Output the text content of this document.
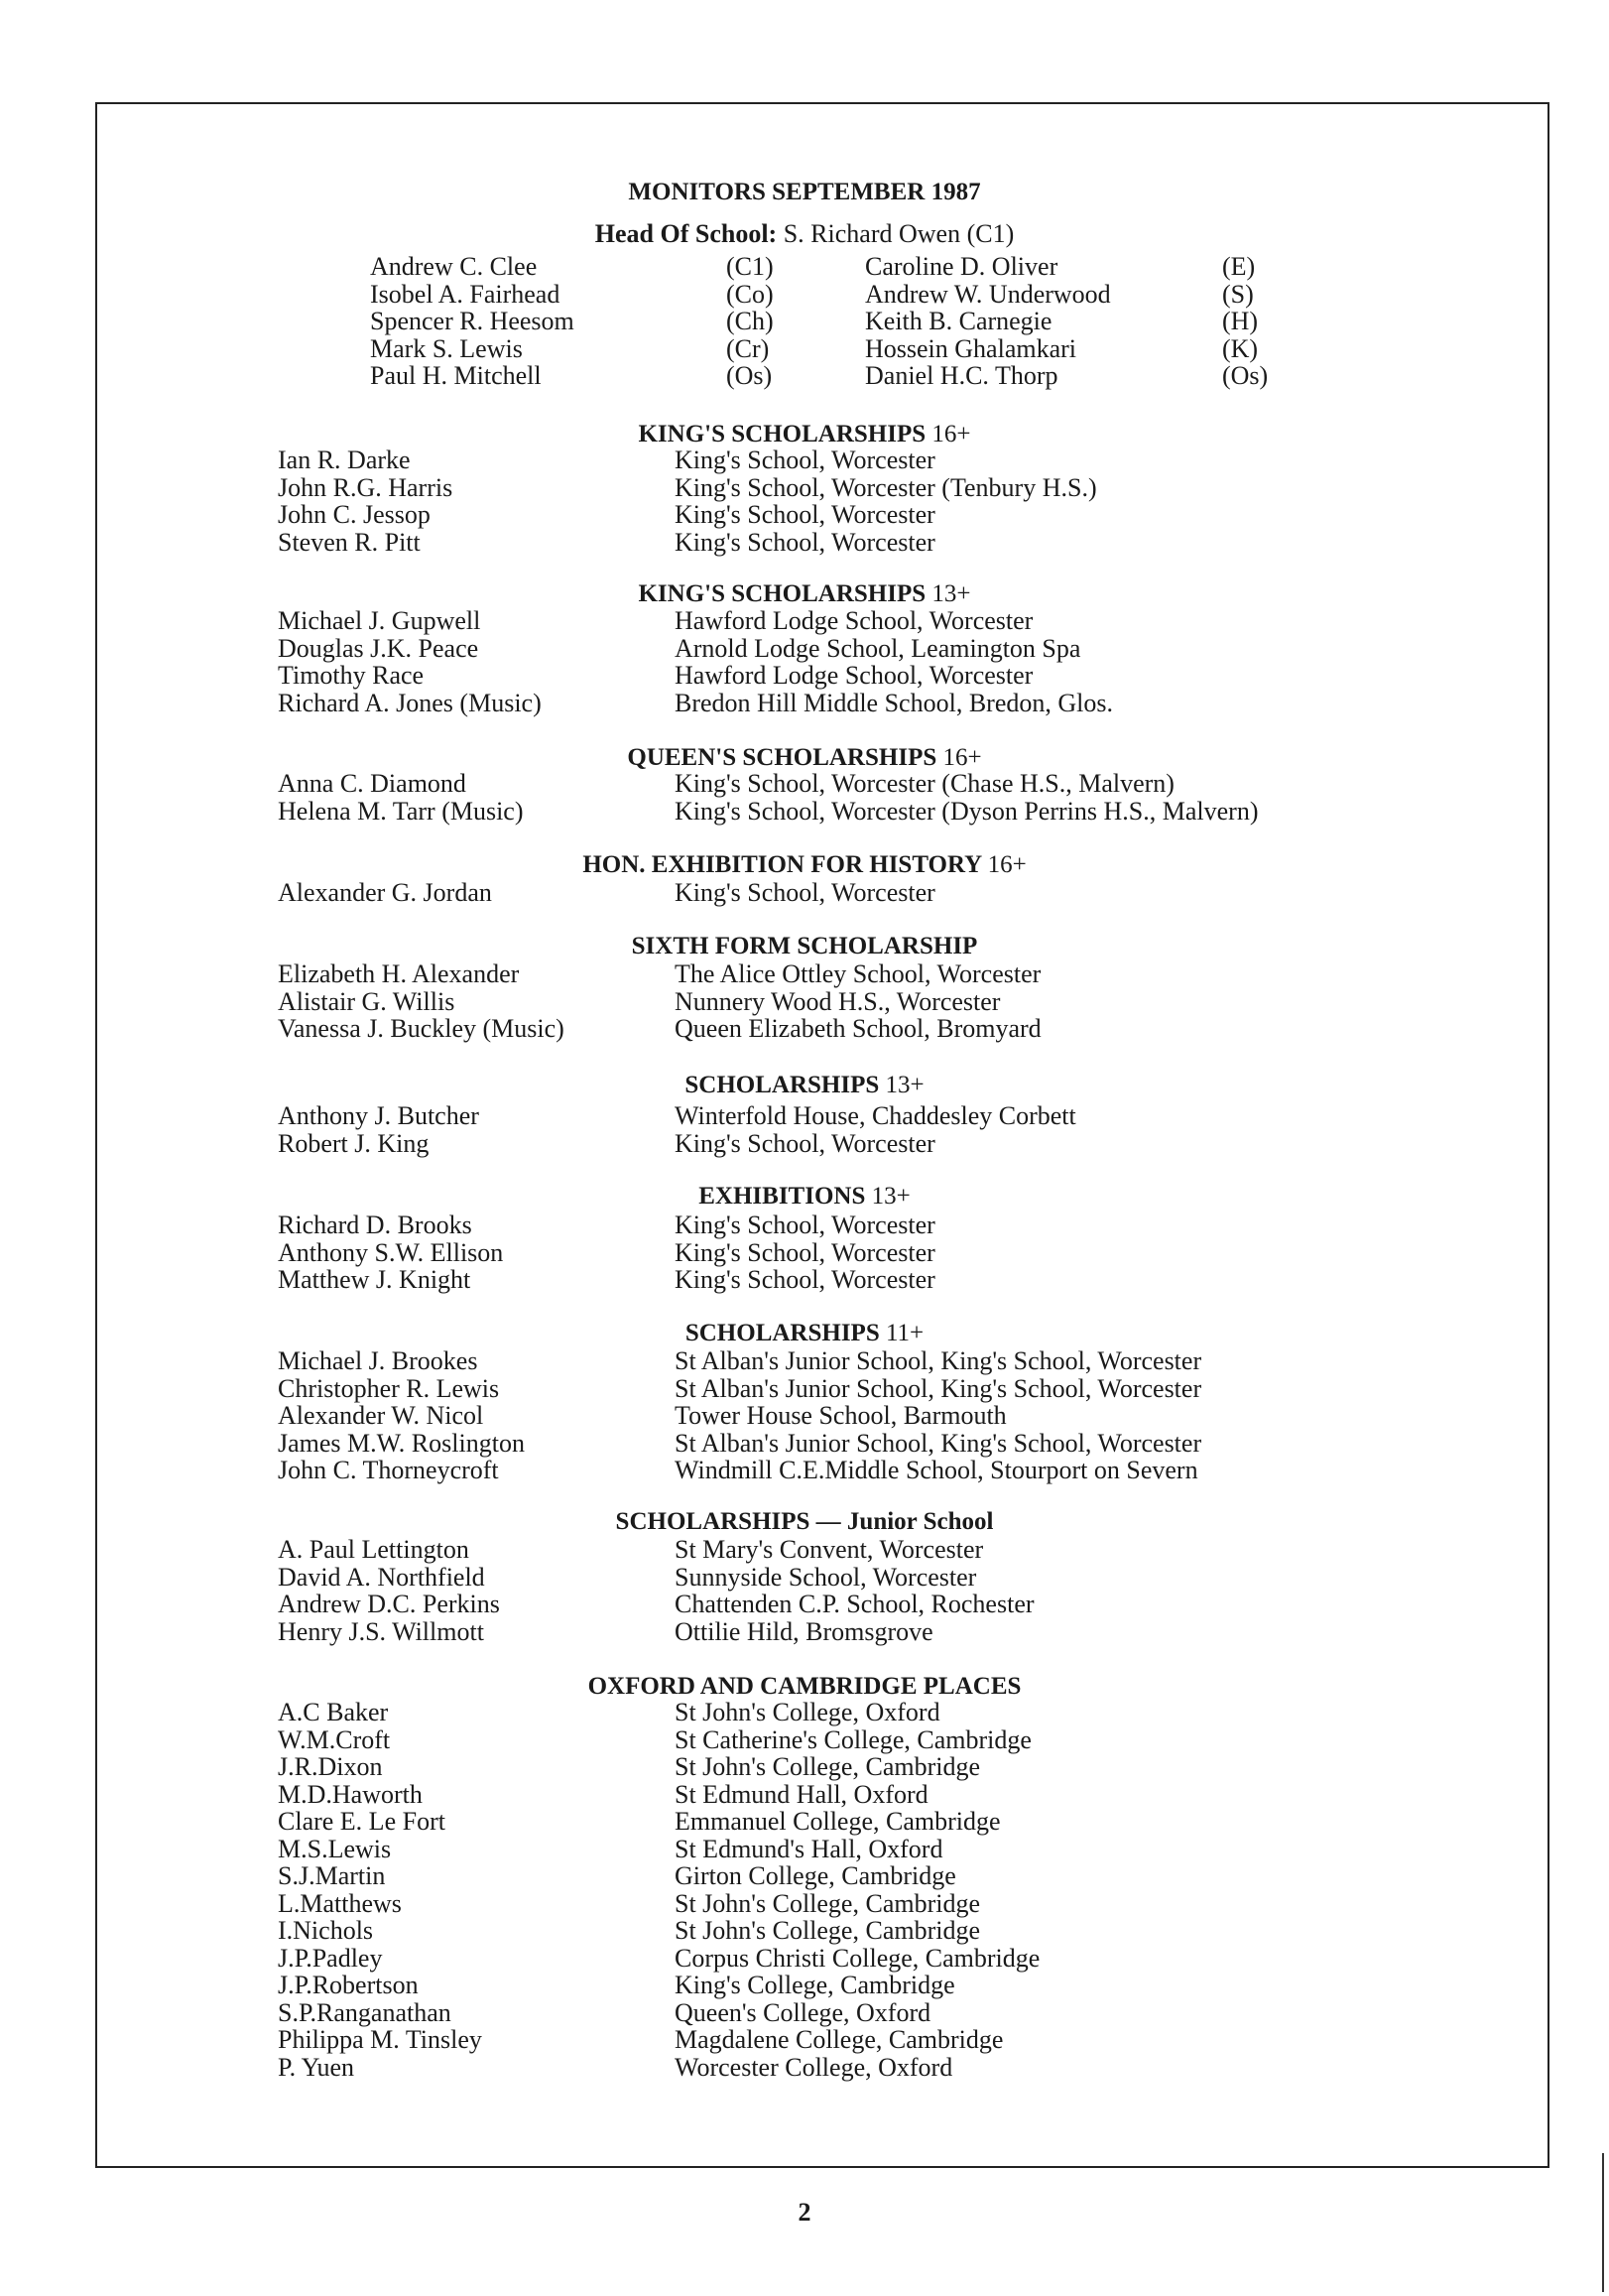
MONITORS SEPTEMBER 1987
Head Of School: S. Richard Owen (C1)
Andrew C. Clee	(C1)	Caroline D. Oliver	(E)
Isobel A. Fairhead	(Co)	Andrew W. Underwood	(S)
Spencer R. Heesom	(Ch)	Keith B. Carnegie	(H)
Mark S. Lewis	(Cr)	Hossein Ghalamkari	(K)
Paul H. Mitchell	(Os)	Daniel H.C. Thorp	(Os)
KING'S SCHOLARSHIPS 16+
Ian R. Darke	King's School, Worcester
John R.G. Harris	King's School, Worcester (Tenbury H.S.)
John C. Jessop	King's School, Worcester
Steven R. Pitt	King's School, Worcester
KING'S SCHOLARSHIPS 13+
Michael J. Gupwell	Hawford Lodge School, Worcester
Douglas J.K. Peace	Arnold Lodge School, Leamington Spa
Timothy Race	Hawford Lodge School, Worcester
Richard A. Jones (Music)	Bredon Hill Middle School, Bredon, Glos.
QUEEN'S SCHOLARSHIPS 16+
Anna C. Diamond	King's School, Worcester (Chase H.S., Malvern)
Helena M. Tarr (Music)	King's School, Worcester (Dyson Perrins H.S., Malvern)
HON. EXHIBITION FOR HISTORY 16+
Alexander G. Jordan	King's School, Worcester
SIXTH FORM SCHOLARSHIP
Elizabeth H. Alexander	The Alice Ottley School, Worcester
Alistair G. Willis	Nunnery Wood H.S., Worcester
Vanessa J. Buckley (Music)	Queen Elizabeth School, Bromyard
SCHOLARSHIPS 13+
Anthony J. Butcher	Winterfold House, Chaddesley Corbett
Robert J. King	King's School, Worcester
EXHIBITIONS 13+
Richard D. Brooks	King's School, Worcester
Anthony S.W. Ellison	King's School, Worcester
Matthew J. Knight	King's School, Worcester
SCHOLARSHIPS 11+
Michael J. Brookes	St Alban's Junior School, King's School, Worcester
Christopher R. Lewis	St Alban's Junior School, King's School, Worcester
Alexander W. Nicol	Tower House School, Barmouth
James M.W. Roslington	St Alban's Junior School, King's School, Worcester
John C. Thorneycroft	Windmill C.E.Middle School, Stourport on Severn
SCHOLARSHIPS — Junior School
A. Paul Lettington	St Mary's Convent, Worcester
David A. Northfield	Sunnyside School, Worcester
Andrew D.C. Perkins	Chattenden C.P. School, Rochester
Henry J.S. Willmott	Ottilie Hild, Bromsgrove
OXFORD AND CAMBRIDGE PLACES
A.C Baker	St John's College, Oxford
W.M.Croft	St Catherine's College, Cambridge
J.R.Dixon	St John's College, Cambridge
M.D.Haworth	St Edmund Hall, Oxford
Clare E. Le Fort	Emmanuel College, Cambridge
M.S.Lewis	St Edmund's Hall, Oxford
S.J.Martin	Girton College, Cambridge
L.Matthews	St John's College, Cambridge
I.Nichols	St John's College, Cambridge
J.P.Padley	Corpus Christi College, Cambridge
J.P.Robertson	King's College, Cambridge
S.P.Ranganathan	Queen's College, Oxford
Philippa M. Tinsley	Magdalene College, Cambridge
P. Yuen	Worcester College, Oxford
2
